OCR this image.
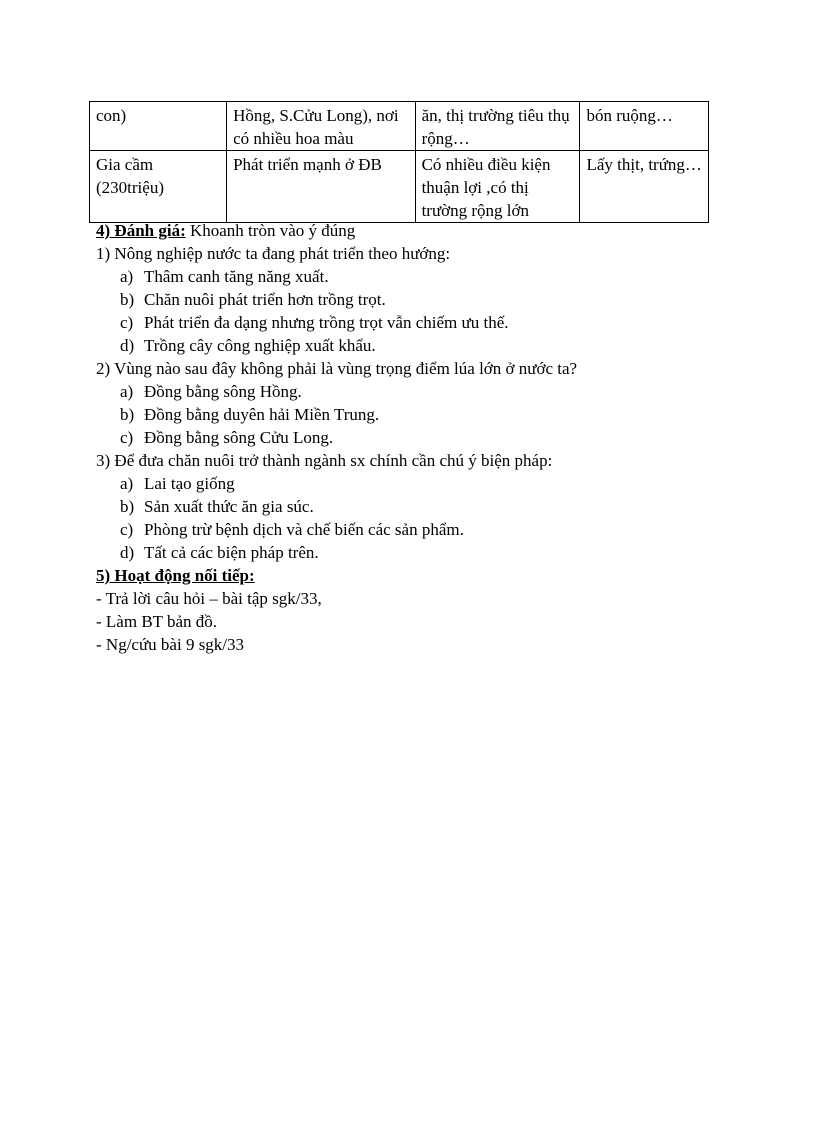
con)	Hồng, S.Cửu Long), nơi có nhiều hoa màu	ăn, thị trường tiêu thụ rộng…	bón ruộng…
Gia cầm (230triệu)	Phát triển mạnh ở ĐB	Có nhiều điều kiện thuận lợi ,có thị trường rộng lớn	Lấy thịt, trứng…
4) Đánh giá: Khoanh tròn vào ý đúng
1) Nông nghiệp nước ta đang phát triển theo hướng:
a) Thâm canh tăng năng xuất.
b) Chăn nuôi phát triển hơn trồng trọt.
c) Phát triển đa dạng nhưng trồng trọt vẫn chiếm ưu thế.
d) Trồng cây công nghiệp xuất khẩu.
2) Vùng nào sau đây không phải là vùng trọng điểm lúa lớn ở nước ta?
a) Đồng bằng sông Hồng.
b) Đồng bằng duyên hải Miền Trung.
c) Đồng bằng sông Cửu Long.
3) Để đưa chăn nuôi trở thành ngành sx chính cần chú ý biện pháp:
a) Lai tạo giống
b) Sản xuất thức ăn gia súc.
c) Phòng trừ bệnh dịch và chế biến các sản phẩm.
d) Tất cả các biện pháp trên.
5) Hoạt động nối tiếp:
- Trả lời câu hỏi – bài tập sgk/33,
- Làm BT bản đồ.
- Ng/cứu bài 9 sgk/33
